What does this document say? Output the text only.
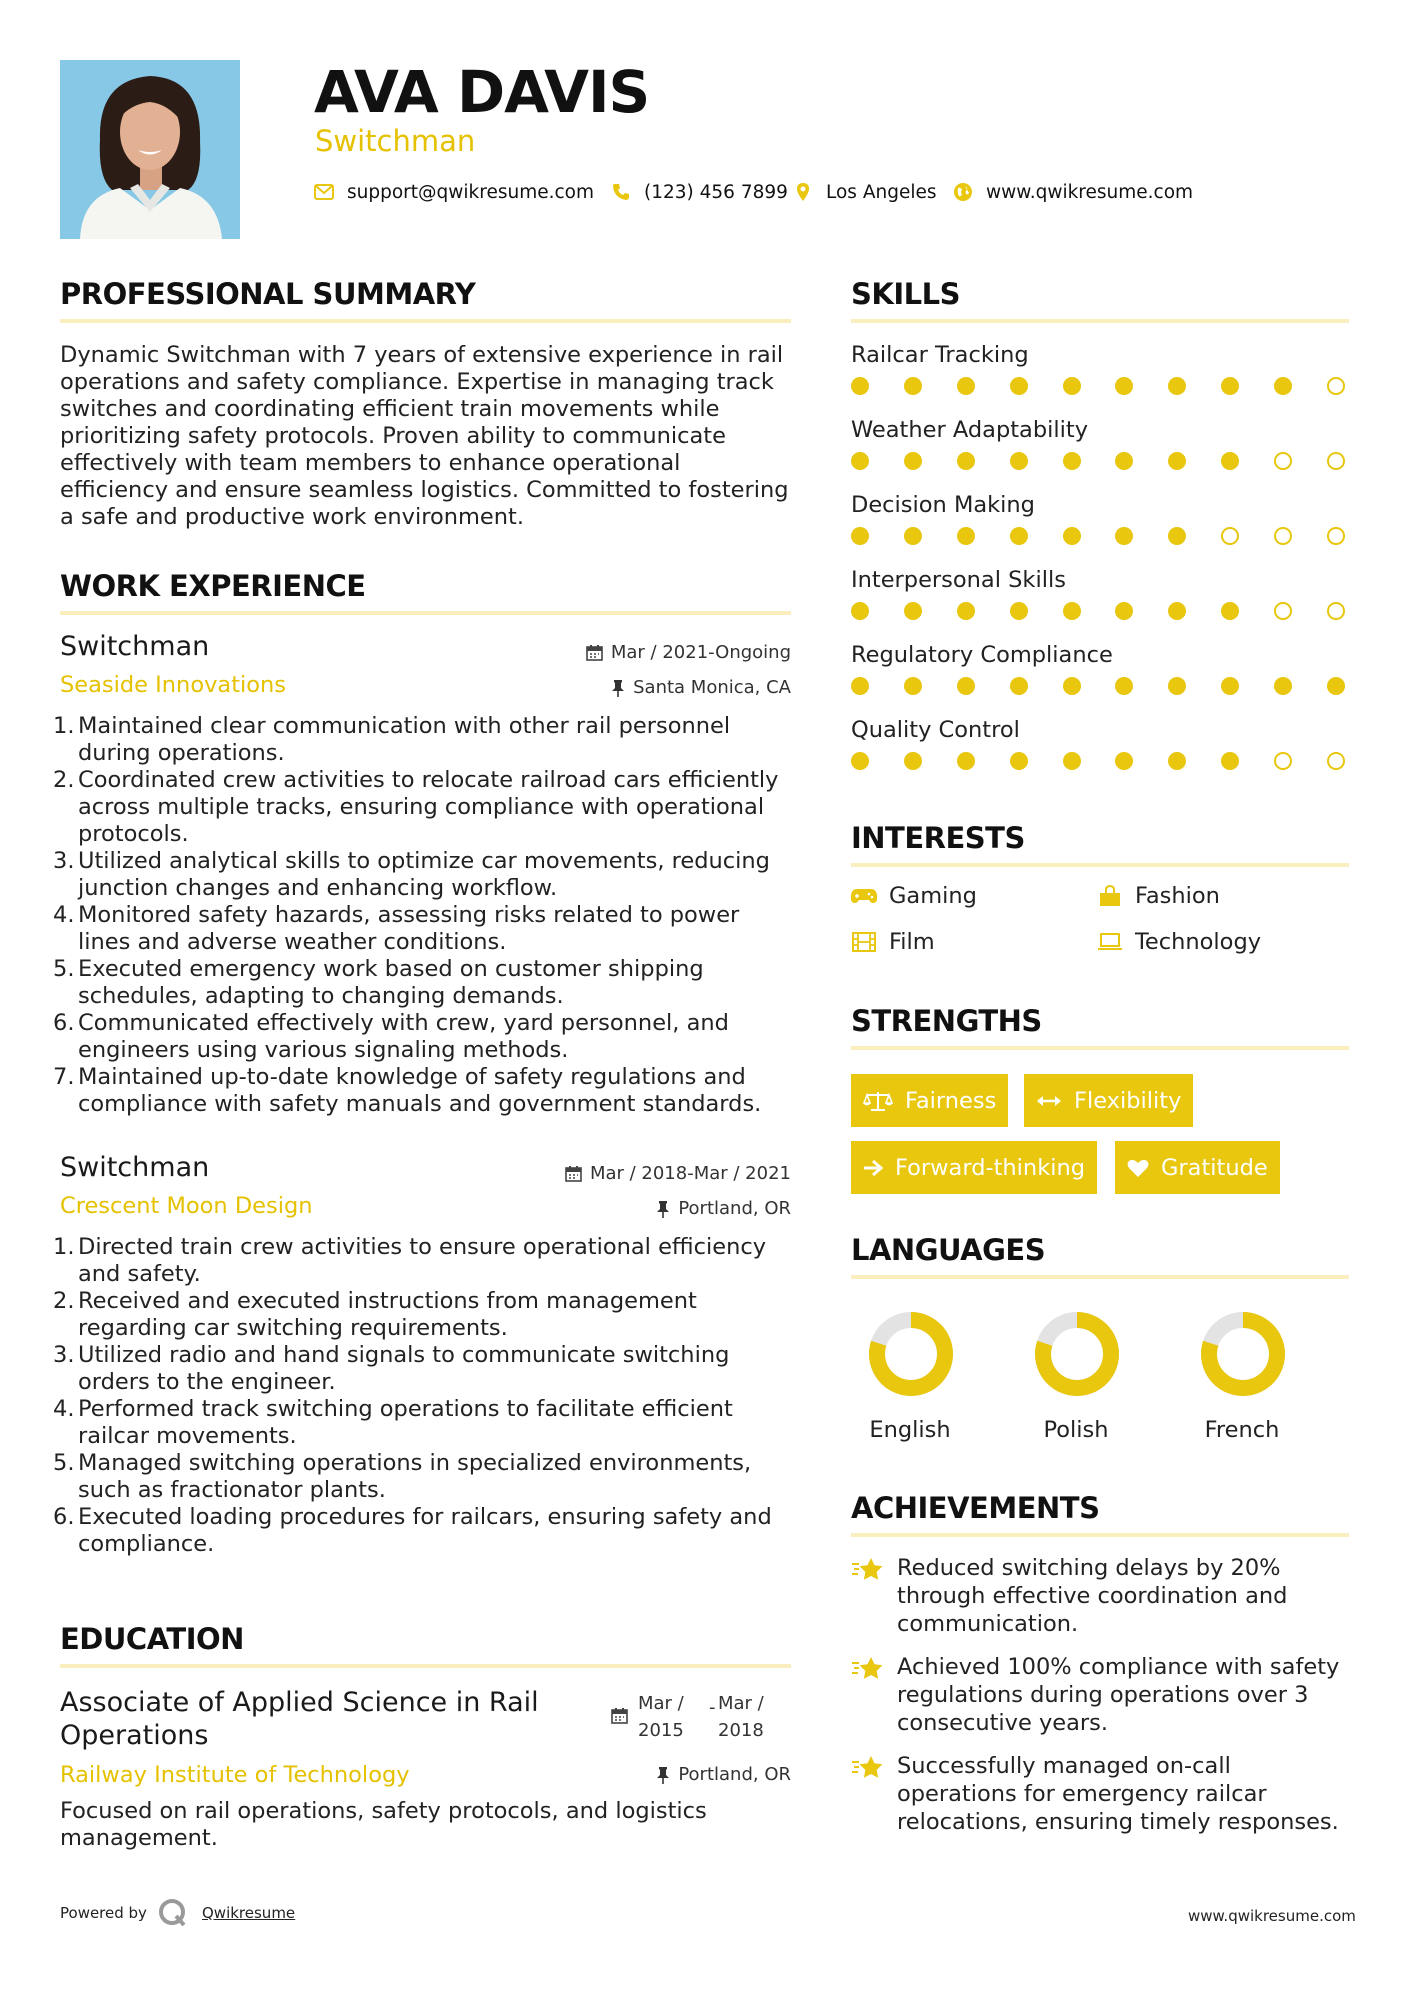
AVA DAVIS
Switchman
support@qwikresume.com	(123) 456 7899 Los Angeles	www.qwikresume.com
PROFESSIONAL SUMMARY
Dynamic Switchman with 7 years of extensive experience in rail operations and safety compliance. Expertise in managing track switches and coordinating efficient train movements while prioritizing safety protocols. Proven ability to communicate effectively with team members to enhance operational efficiency and ensure seamless logistics. Committed to fostering a safe and productive work environment.
WORK EXPERIENCE
Switchman
Seaside Innovations
Mar / 2021-Ongoing
Santa Monica, CA
1. Maintained clear communication with other rail personnel during operations.
2. Coordinated crew activities to relocate railroad cars efficiently across multiple tracks, ensuring compliance with operational protocols.
3. Utilized analytical skills to optimize car movements, reducing junction changes and enhancing workflow.
4. Monitored safety hazards, assessing risks related to power lines and adverse weather conditions.
5. Executed emergency work based on customer shipping schedules, adapting to changing demands.
6. Communicated effectively with crew, yard personnel, and engineers using various signaling methods.
7. Maintained up-to-date knowledge of safety regulations and compliance with safety manuals and government standards.
Switchman
Crescent Moon Design
Mar / 2018-Mar / 2021
Portland, OR
1. Directed train crew activities to ensure operational efficiency and safety.
2. Received and executed instructions from management regarding car switching requirements.
3. Utilized radio and hand signals to communicate switching orders to the engineer.
4. Performed track switching operations to facilitate efficient railcar movements.
5. Managed switching operations in specialized environments, such as fractionator plants.
6. Executed loading procedures for railcars, ensuring safety and compliance.
EDUCATION
Associate of Applied Science in Rail Operations
Mar /
2015
- Mar /
2018
Railway Institute of Technology	Portland, OR
Focused on rail operations, safety protocols, and logistics management.
SKILLS
Railcar Tracking
Weather Adaptability
Decision Making
Interpersonal Skills
Regulatory Compliance
Quality Control
INTERESTS
Gaming	Fashion
Film	Technology
STRENGTHS
Fairness	Flexibility
Forward-thinking	Gratitude
LANGUAGES
English	Polish	French
ACHIEVEMENTS
Reduced switching delays by 20% through effective coordination and communication.
Achieved 100% compliance with safety regulations during operations over 3 consecutive years.
Successfully managed on-call operations for emergency railcar relocations, ensuring timely responses.
Powered by	Qwikresume	www.qwikresume.com
